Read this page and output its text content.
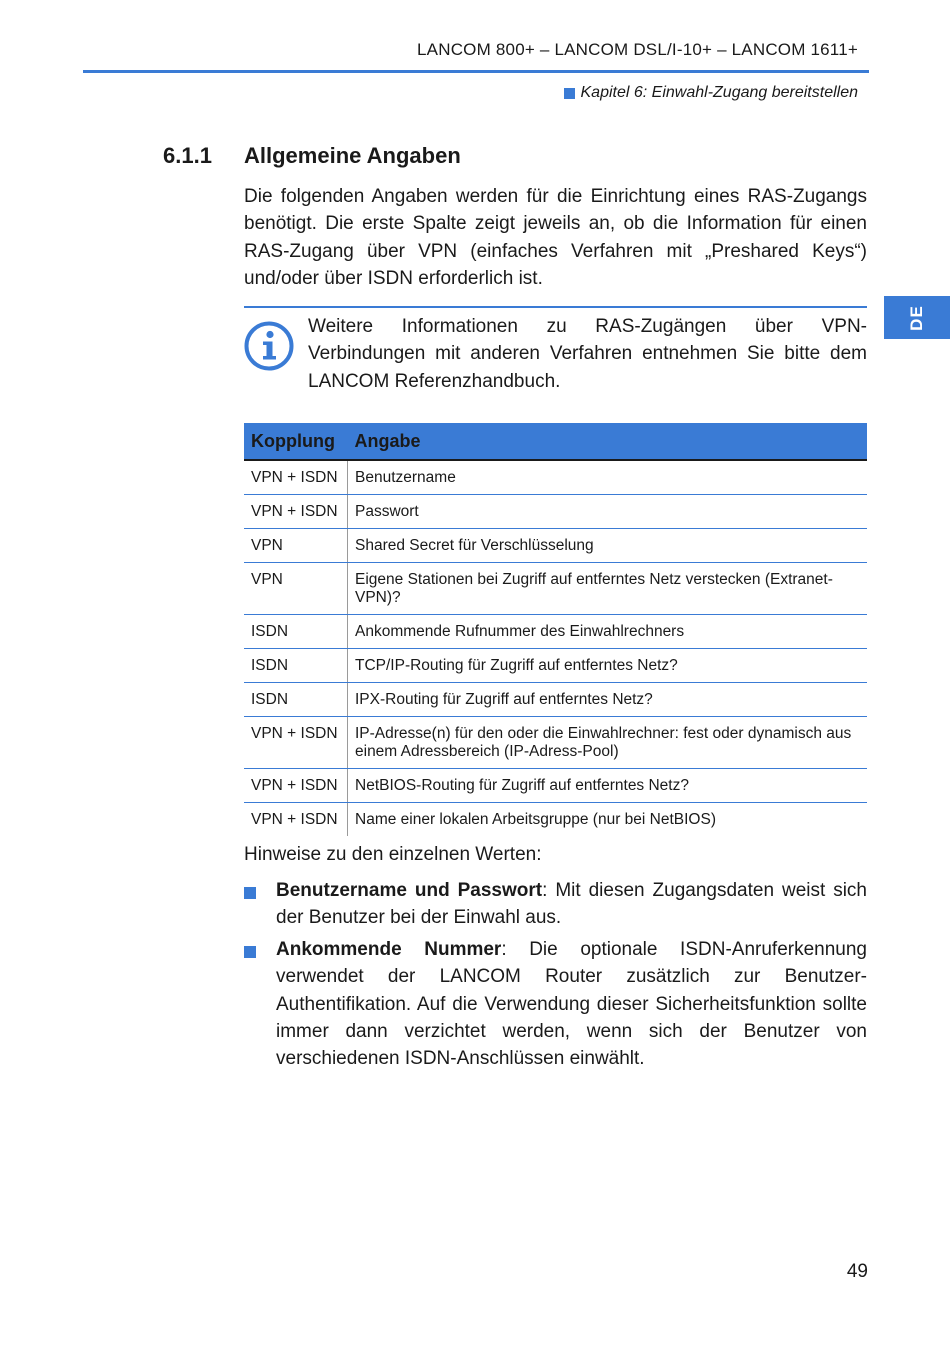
LANCOM 800+ – LANCOM DSL/I-10+ – LANCOM 1611+
Kapitel 6: Einwahl-Zugang bereitstellen
DE
6.1.1 Allgemeine Angaben

Die folgenden Angaben werden für die Einrichtung eines RAS-Zugangs benötigt. Die erste Spalte zeigt jeweils an, ob die Information für einen RAS-Zugang über VPN (einfaches Verfahren mit „Preshared Keys“) und/oder über ISDN erforderlich ist.

Weitere Informationen zu RAS-Zugängen über VPN-Verbindungen mit anderen Verfahren entnehmen Sie bitte dem LANCOM Referenzhandbuch.

Kopplung	Angabe
VPN + ISDN	Benutzername
VPN + ISDN	Passwort
VPN	Shared Secret für Verschlüsselung
VPN	Eigene Stationen bei Zugriff auf entferntes Netz verstecken (Extranet-VPN)?
ISDN	Ankommende Rufnummer des Einwahlrechners
ISDN	TCP/IP-Routing für Zugriff auf entferntes Netz?
ISDN	IPX-Routing für Zugriff auf entferntes Netz?
VPN + ISDN	IP-Adresse(n) für den oder die Einwahlrechner: fest oder dynamisch aus einem Adressbereich (IP-Adress-Pool)
VPN + ISDN	NetBIOS-Routing für Zugriff auf entferntes Netz?
VPN + ISDN	Name einer lokalen Arbeitsgruppe (nur bei NetBIOS)
Hinweise zu den einzelnen Werten:

Benutzername und Passwort: Mit diesen Zugangsdaten weist sich der Benutzer bei der Einwahl aus.

Ankommende Nummer: Die optionale ISDN-Anruferkennung verwendet der LANCOM Router zusätzlich zur Benutzer-Authentifikation. Auf die Verwendung dieser Sicherheitsfunktion sollte immer dann verzichtet werden, wenn sich der Benutzer von verschiedenen ISDN-Anschlüssen einwählt.

49
